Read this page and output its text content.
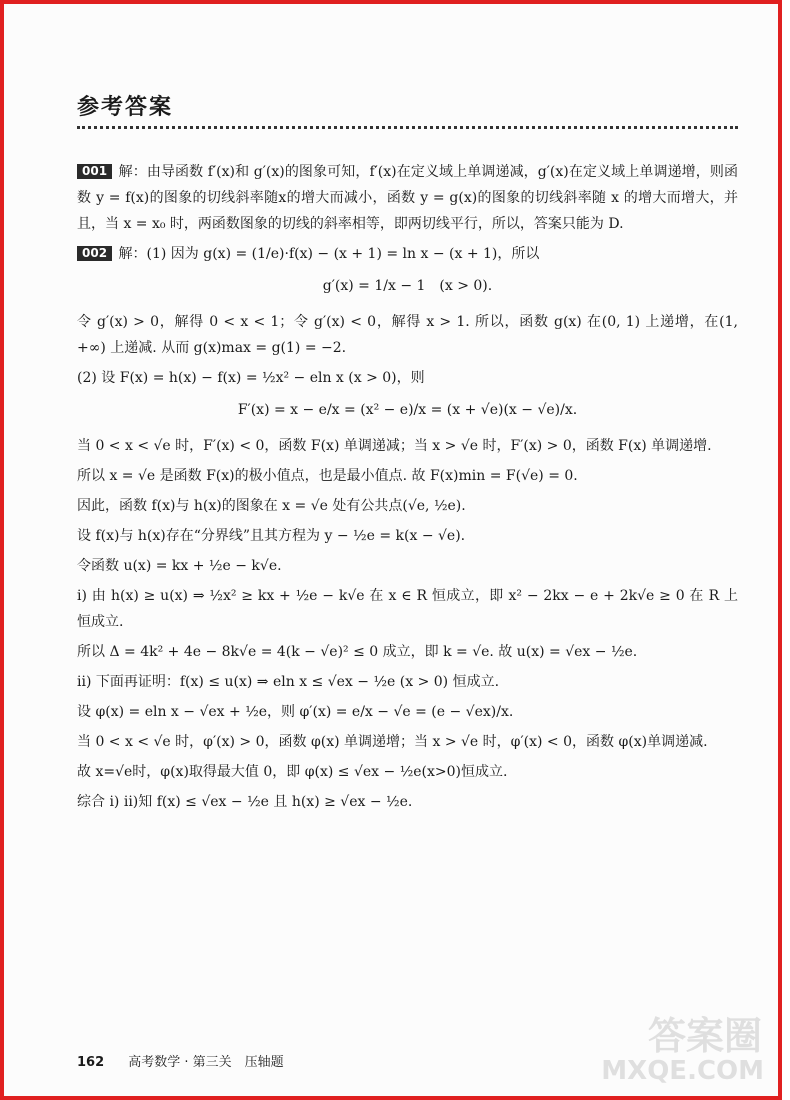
参考答案

001 解：由导函数 f′(x)和 g′(x)的图象可知，f′(x)在定义域上单调递减，g′(x)在定义域上单调递增，则函数 y = f(x)的图象的切线斜率随x的增大而减小，函数 y = g(x)的图象的切线斜率随 x 的增大而增大，并且，当 x = x₀ 时，两函数图象的切线的斜率相等，即两切线平行，所以，答案只能为 D.

002 解：(1) 因为 g(x) = (1/e)·f(x) − (x + 1) = ln x − (x + 1)，所以

g′(x) = 1/x − 1　(x > 0).

令 g′(x) > 0，解得 0 < x < 1；令 g′(x) < 0，解得 x > 1. 所以，函数 g(x) 在(0, 1) 上递增，在(1, +∞) 上递减. 从而 g(x)max = g(1) = −2.

(2) 设 F(x) = h(x) − f(x) = ½x² − eln x (x > 0)，则

F′(x) = x − e/x = (x² − e)/x = (x + √e)(x − √e)/x.

当 0 < x < √e 时，F′(x) < 0，函数 F(x) 单调递减；当 x > √e 时，F′(x) > 0，函数 F(x) 单调递增.

所以 x = √e 是函数 F(x)的极小值点，也是最小值点. 故 F(x)min = F(√e) = 0.

因此，函数 f(x)与 h(x)的图象在 x = √e 处有公共点(√e, ½e).

设 f(x)与 h(x)存在“分界线”且其方程为 y − ½e = k(x − √e).

令函数 u(x) = kx + ½e − k√e.

i) 由 h(x) ≥ u(x) ⇒ ½x² ≥ kx + ½e − k√e 在 x ∈ R 恒成立，即 x² − 2kx − e + 2k√e ≥ 0 在 R 上恒成立.

所以 Δ = 4k² + 4e − 8k√e = 4(k − √e)² ≤ 0 成立，即 k = √e. 故 u(x) = √ex − ½e.

ii) 下面再证明：f(x) ≤ u(x) ⇒ eln x ≤ √ex − ½e (x > 0) 恒成立.

设 φ(x) = eln x − √ex + ½e，则 φ′(x) = e/x − √e = (e − √ex)/x.

当 0 < x < √e 时，φ′(x) > 0，函数 φ(x) 单调递增；当 x > √e 时，φ′(x) < 0，函数 φ(x)单调递减.

故 x=√e时，φ(x)取得最大值 0，即 φ(x) ≤ √ex − ½e(x>0)恒成立.

综合 i) ii)知 f(x) ≤ √ex − ½e 且 h(x) ≥ √ex − ½e.

162 高考数学 · 第三关　压轴题
答案圈
MXQE.COM
